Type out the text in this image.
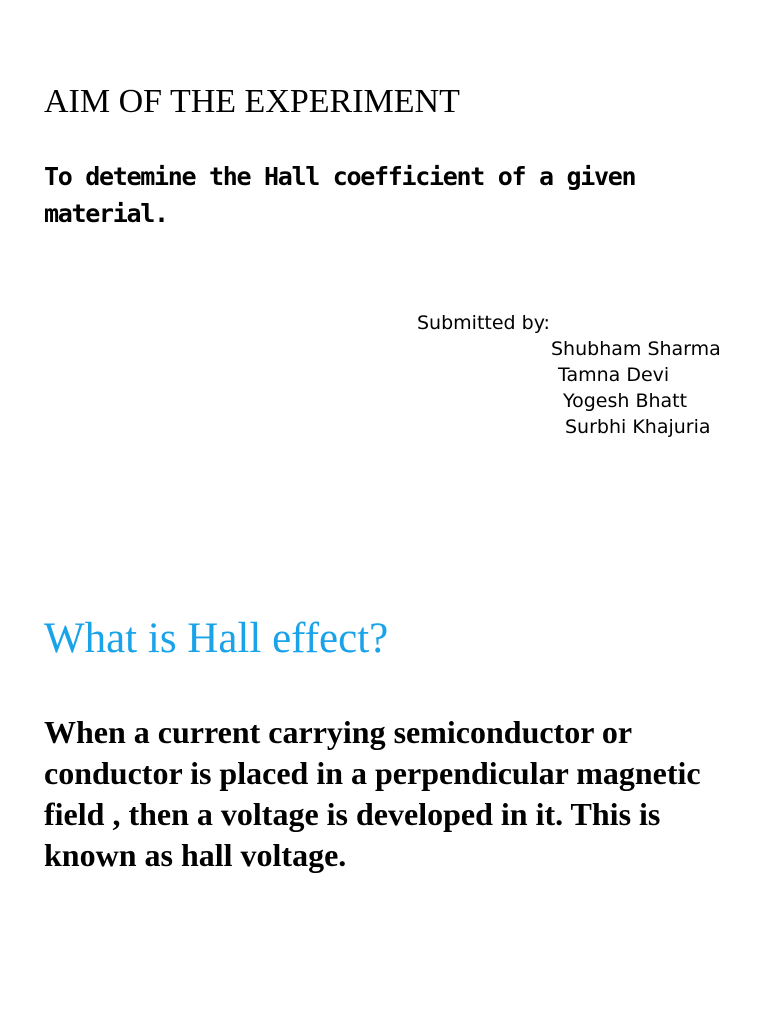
AIM OF THE EXPERIMENT
To detemine the Hall coefficient of a given material.
Submitted by:
Shubham Sharma
Tamna Devi
Yogesh Bhatt
Surbhi Khajuria
What is Hall effect?
When a current carrying semiconductor or conductor is placed in a perpendicular magnetic field , then a voltage is developed in it. This is known as hall voltage.
